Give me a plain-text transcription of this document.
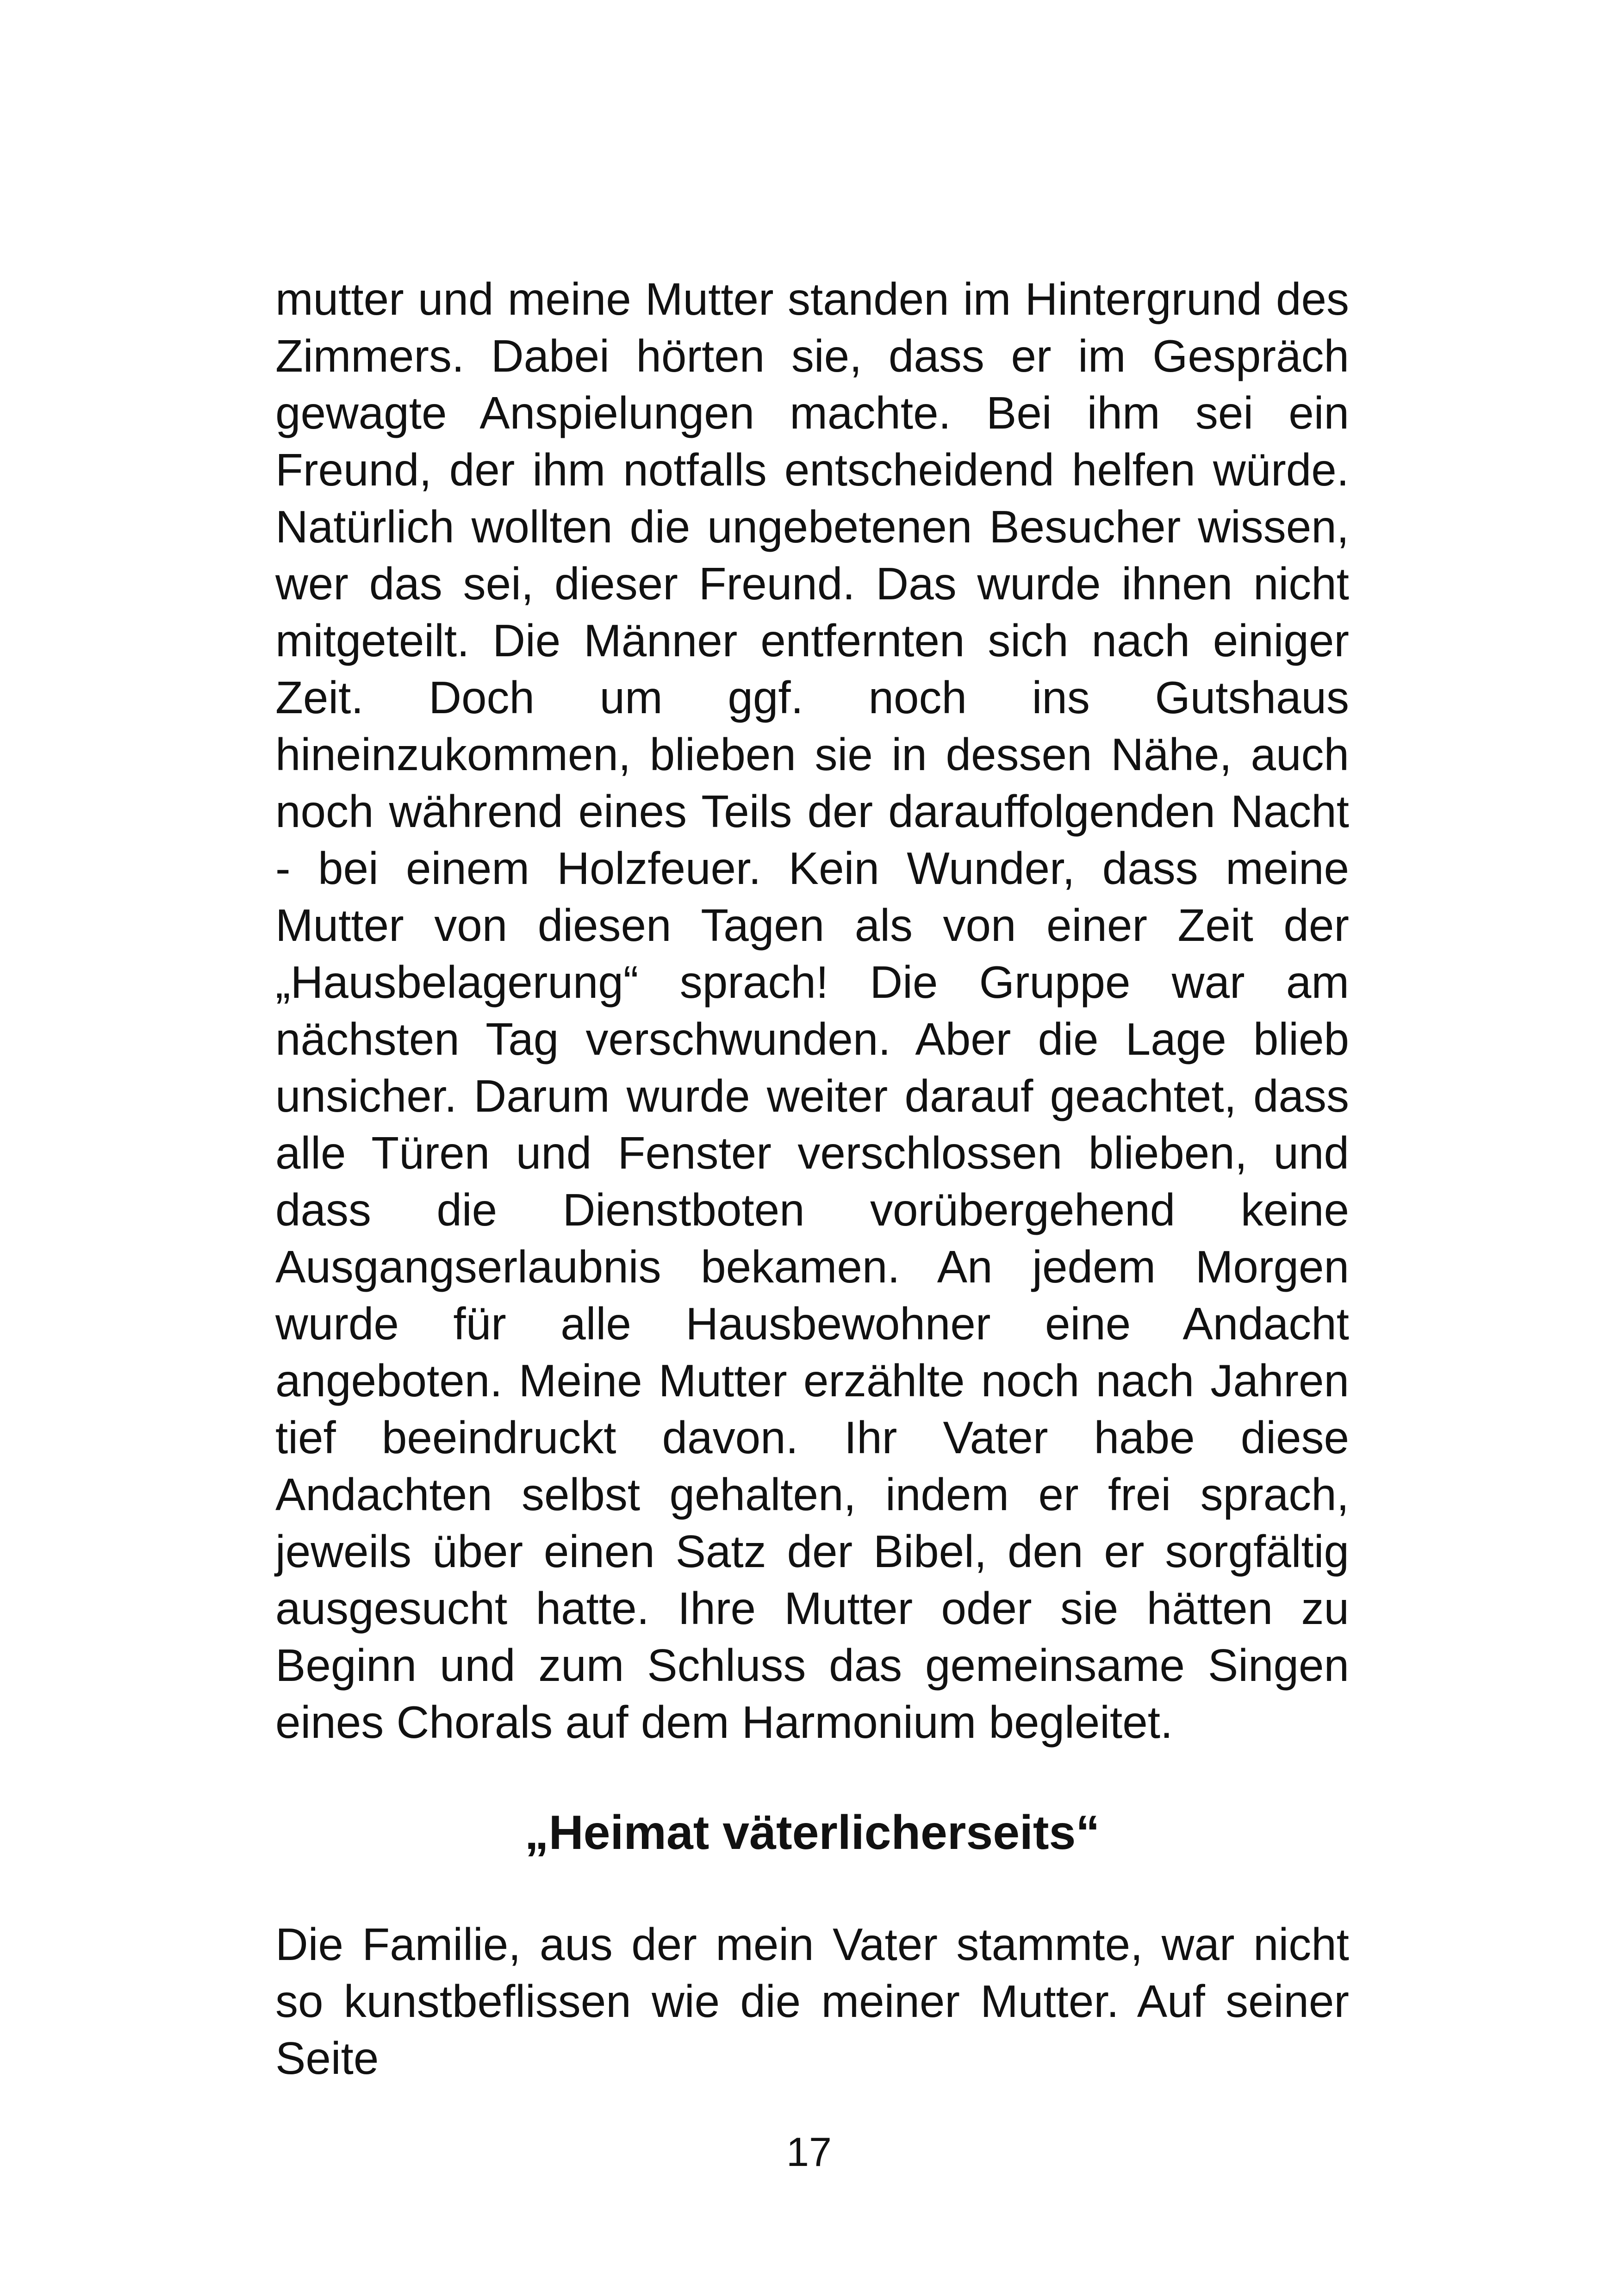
mutter und meine Mutter standen im Hintergrund des Zimmers. Dabei hörten sie, dass er im Gespräch gewagte Anspielungen machte. Bei ihm sei ein Freund, der ihm notfalls entscheidend helfen würde. Natürlich wollten die ungebetenen Besucher wissen, wer das sei, dieser Freund. Das wurde ihnen nicht mitgeteilt. Die Männer entfernten sich nach einiger Zeit. Doch um ggf. noch ins Gutshaus hineinzukommen, blieben sie in dessen Nähe, auch noch während eines Teils der darauffolgenden Nacht - bei einem Holzfeuer. Kein Wunder, dass meine Mutter von diesen Tagen als von einer Zeit der „Hausbelagerung“ sprach! Die Gruppe war am nächsten Tag verschwunden. Aber die Lage blieb unsicher. Darum wurde weiter darauf geachtet, dass alle Türen und Fenster verschlossen blieben, und dass die Dienstboten vorübergehend keine Ausgangserlaubnis bekamen. An jedem Morgen wurde für alle Hausbewohner eine Andacht angeboten. Meine Mutter erzählte noch nach Jahren tief beeindruckt davon. Ihr Vater habe diese Andachten selbst gehalten, indem er frei sprach, jeweils über einen Satz der Bibel, den er sorgfältig ausgesucht hatte. Ihre Mutter oder sie hätten zu Beginn und zum Schluss das gemeinsame Singen eines Chorals auf dem Harmonium begleitet.

„Heimat väterlicherseits“

Die Familie, aus der mein Vater stammte, war nicht so kunstbeflissen wie die meiner Mutter. Auf seiner Seite

17
